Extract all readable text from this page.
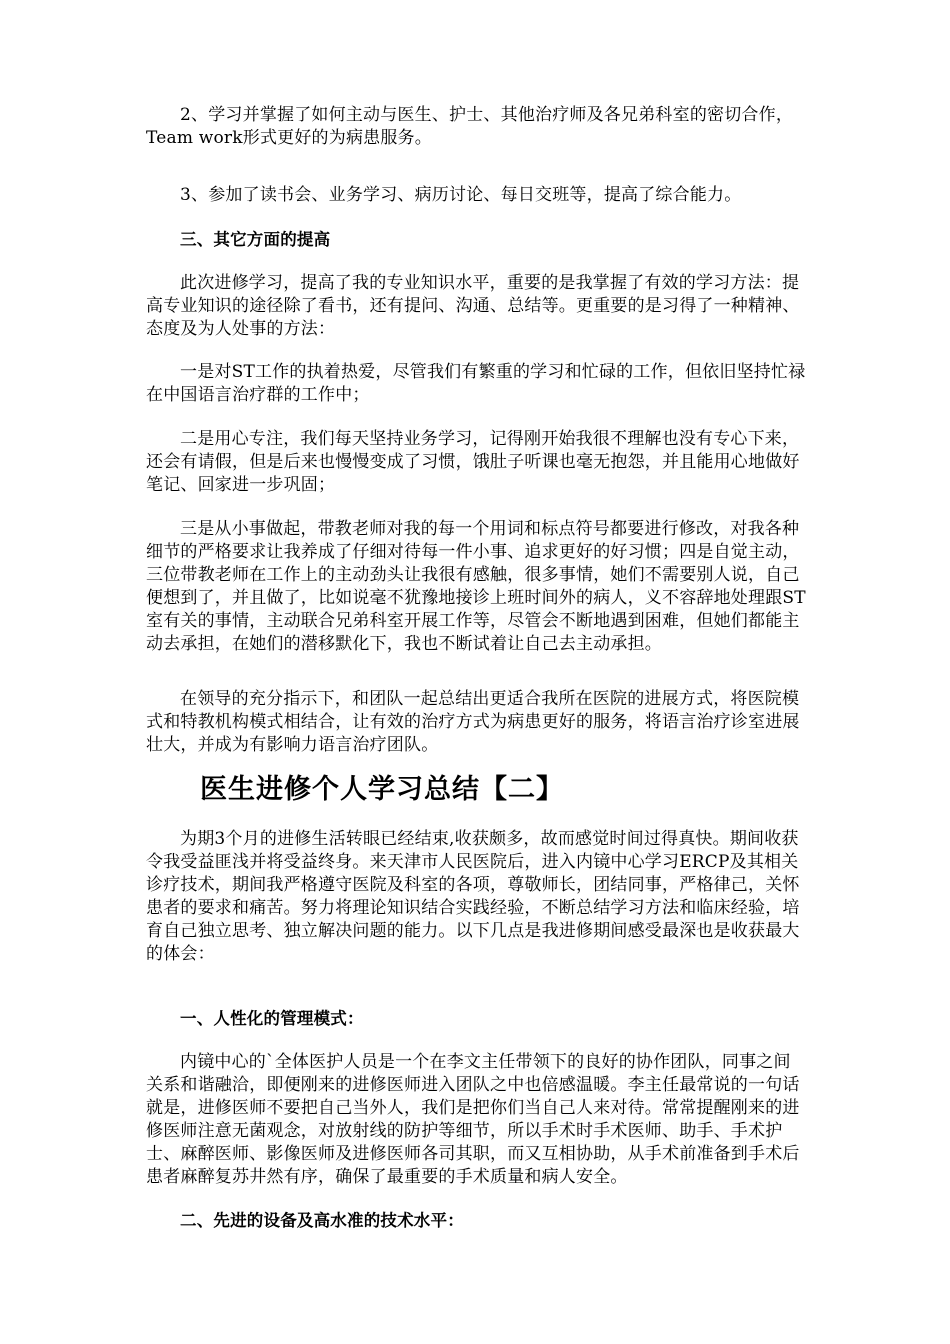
2、学习并掌握了如何主动与医生、护士、其他治疗师及各兄弟科室的密切合作，Team work形式更好的为病患服务。

3、参加了读书会、业务学习、病历讨论、每日交班等，提高了综合能力。

三、其它方面的提高

此次进修学习，提高了我的专业知识水平，重要的是我掌握了有效的学习方法：提高专业知识的途径除了看书，还有提问、沟通、总结等。更重要的是习得了一种精神、态度及为人处事的方法：

一是对ST工作的执着热爱，尽管我们有繁重的学习和忙碌的工作，但依旧坚持忙禄在中国语言治疗群的工作中；

二是用心专注，我们每天坚持业务学习，记得刚开始我很不理解也没有专心下来，还会有请假，但是后来也慢慢变成了习惯，饿肚子听课也毫无抱怨，并且能用心地做好笔记、回家进一步巩固；

三是从小事做起，带教老师对我的每一个用词和标点符号都要进行修改，对我各种细节的严格要求让我养成了仔细对待每一件小事、追求更好的好习惯；四是自觉主动，三位带教老师在工作上的主动劲头让我很有感触，很多事情，她们不需要别人说，自己便想到了，并且做了，比如说毫不犹豫地接诊上班时间外的病人，义不容辞地处理跟ST室有关的事情，主动联合兄弟科室开展工作等，尽管会不断地遇到困难，但她们都能主动去承担，在她们的潜移默化下，我也不断试着让自己去主动承担。

在领导的充分指示下，和团队一起总结出更适合我所在医院的进展方式，将医院模式和特教机构模式相结合，让有效的治疗方式为病患更好的服务，将语言治疗诊室进展壮大，并成为有影响力语言治疗团队。

医生进修个人学习总结【二】

为期3个月的进修生活转眼已经结束,收获颇多，故而感觉时间过得真快。期间收获令我受益匪浅并将受益终身。来天津市人民医院后，进入内镜中心学习ERCP及其相关诊疗技术，期间我严格遵守医院及科室的各项，尊敬师长，团结同事，严格律己，关怀患者的要求和痛苦。努力将理论知识结合实践经验，不断总结学习方法和临床经验，培育自己独立思考、独立解决问题的能力。以下几点是我进修期间感受最深也是收获最大的体会：

一、人性化的管理模式：

内镜中心的`全体医护人员是一个在李文主任带领下的良好的协作团队，同事之间关系和谐融洽，即便刚来的进修医师进入团队之中也倍感温暖。李主任最常说的一句话就是，进修医师不要把自己当外人，我们是把你们当自己人来对待。常常提醒刚来的进修医师注意无菌观念，对放射线的防护等细节，所以手术时手术医师、助手、手术护士、麻醉医师、影像医师及进修医师各司其职，而又互相协助，从手术前准备到手术后患者麻醉复苏井然有序，确保了最重要的手术质量和病人安全。

二、先进的设备及高水准的技术水平：
